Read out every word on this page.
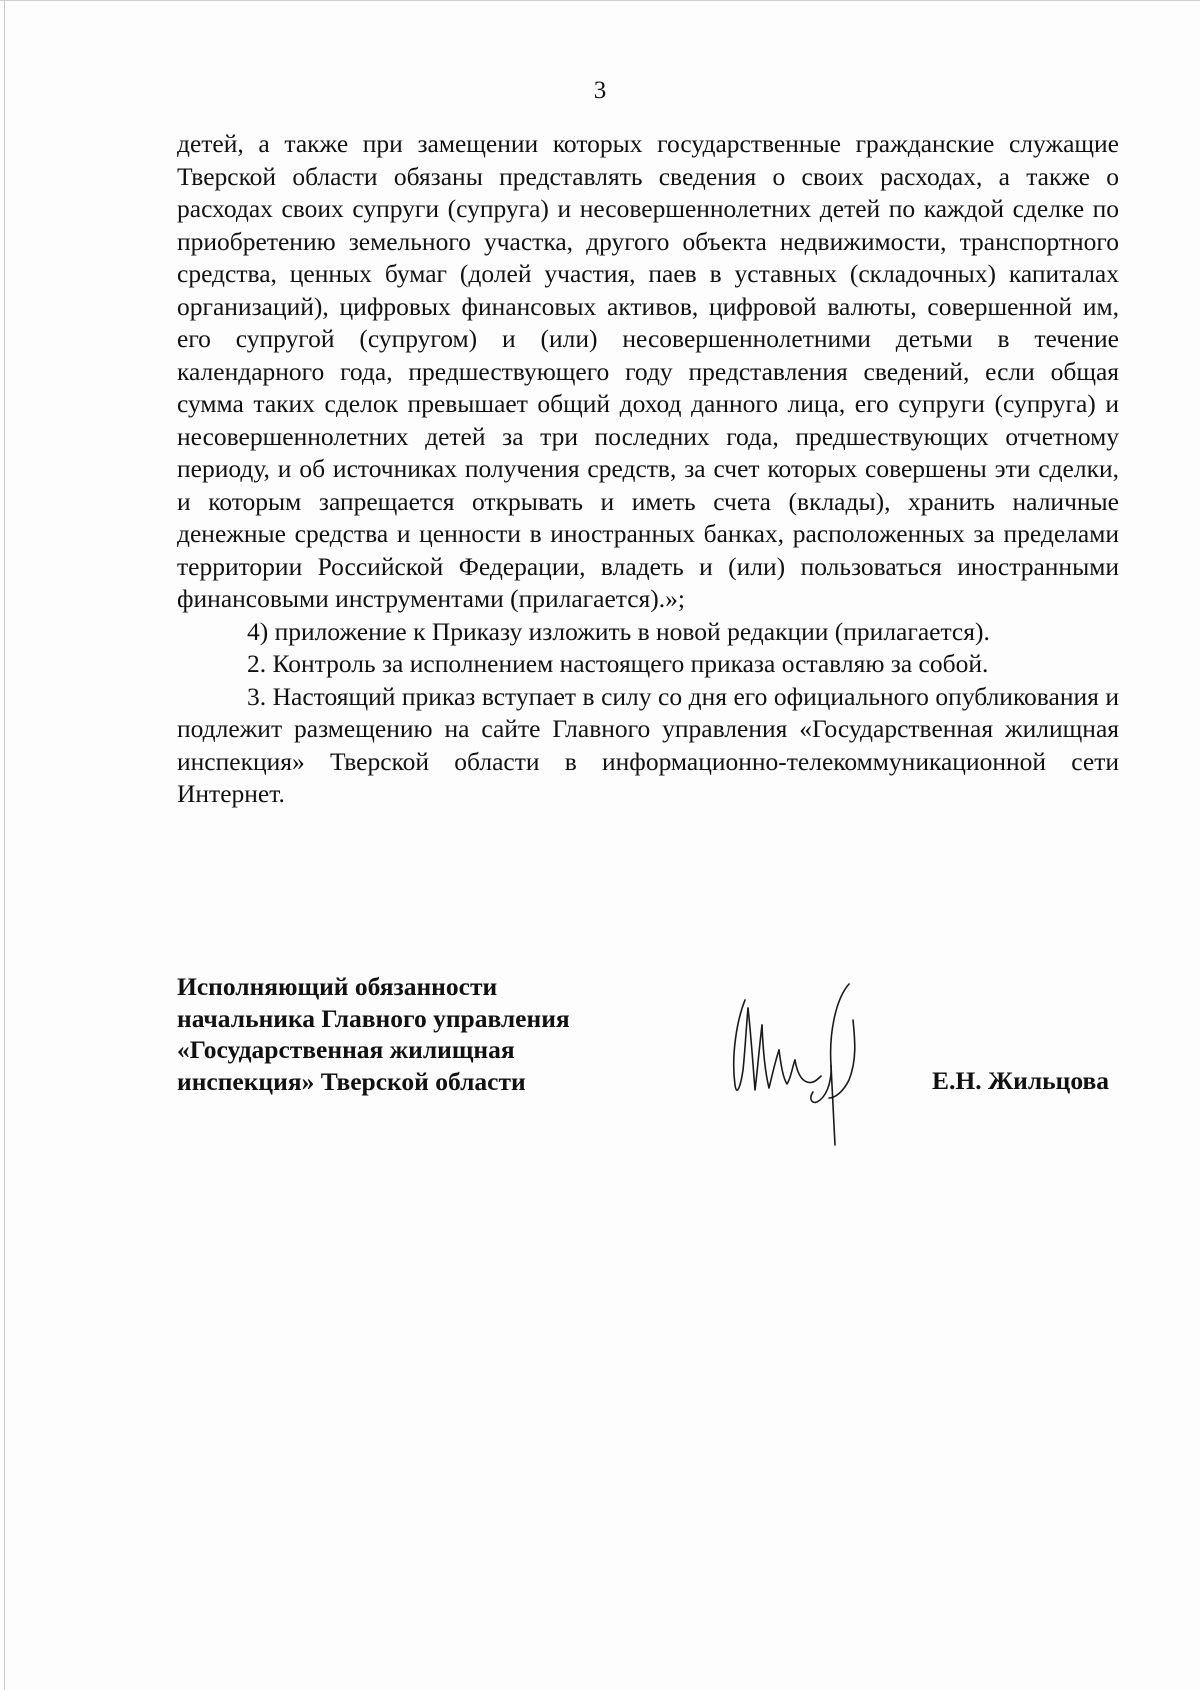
3

детей, а также при замещении которых государственные гражданские служащие Тверской области обязаны представлять сведения о своих расходах, а также о расходах своих супруги (супруга) и несовершеннолетних детей по каждой сделке по приобретению земельного участка, другого объекта недвижимости, транспортного средства, ценных бумаг (долей участия, паев в уставных (складочных) капиталах организаций), цифровых финансовых активов, цифровой валюты, совершенной им, его супругой (супругом) и (или) несовершеннолетними детьми в течение календарного года, предшествующего году представления сведений, если общая сумма таких сделок превышает общий доход данного лица, его супруги (супруга) и несовершеннолетних детей за три последних года, предшествующих отчетному периоду, и об источниках получения средств, за счет которых совершены эти сделки, и которым запрещается открывать и иметь счета (вклады), хранить наличные денежные средства и ценности в иностранных банках, расположенных за пределами территории Российской Федерации, владеть и (или) пользоваться иностранными финансовыми инструментами (прилагается).»;

4) приложение к Приказу изложить в новой редакции (прилагается).

2. Контроль за исполнением настоящего приказа оставляю за собой.

3. Настоящий приказ вступает в силу со дня его официального опубликования и подлежит размещению на сайте Главного управления «Государственная жилищная инспекция» Тверской области в информационно-телекоммуникационной сети Интернет.

Исполняющий обязанности
начальника Главного управления
«Государственная жилищная
инспекция» Тверской области	Е.Н. Жильцова
